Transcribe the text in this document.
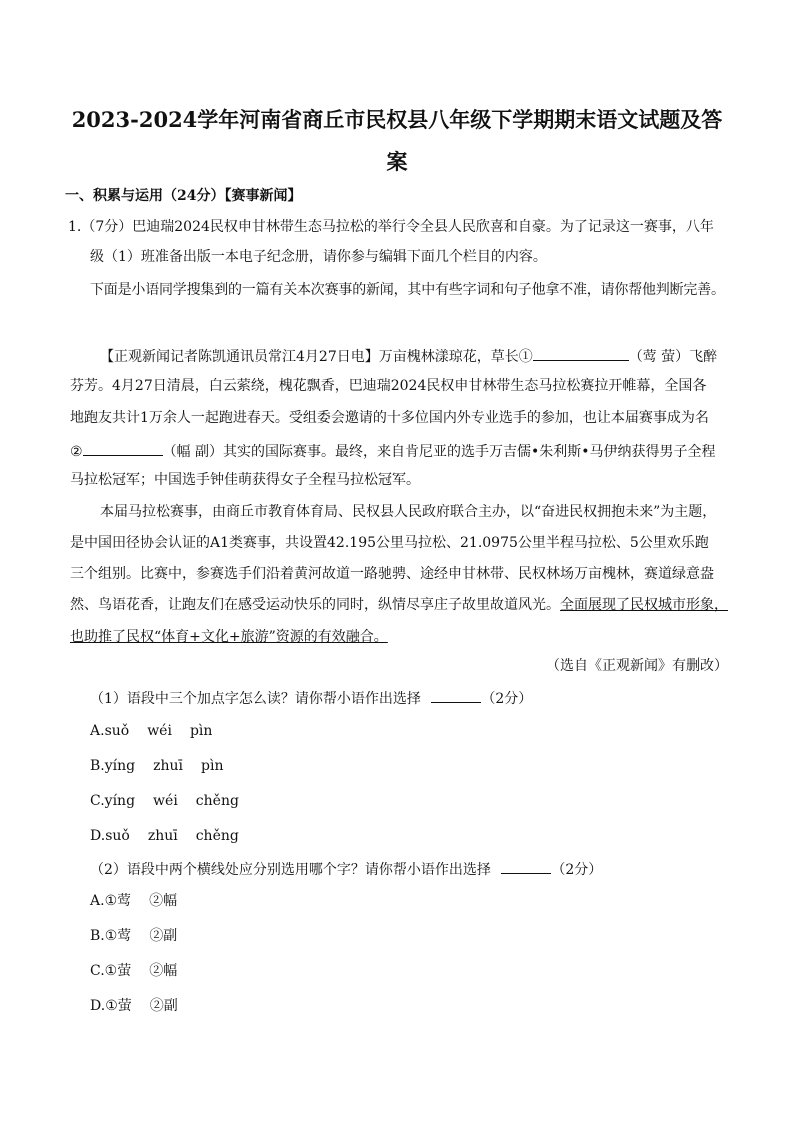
2023-2024学年河南省商丘市民权县八年级下学期期末语文试题及答
案
一、积累与运用（24分）【赛事新闻】
1.（7分）巴迪瑞2024民权申甘林带生态马拉松的举行令全县人民欣喜和自豪。为了记录这一赛事，八年
级（1）班准备出版一本电子纪念册，请你参与编辑下面几个栏目的内容。
下面是小语同学搜集到的一篇有关本次赛事的新闻，其中有些字词和句子他拿不准，请你帮他判断完善。
【正观新闻记者陈凯通讯员常江4月27日电】万亩槐林漾琼花，草长①	（莺 萤）飞醉
芬芳。4月27日清晨，白云萦绕，槐花飘香，巴迪瑞2024民权申甘林带生态马拉松赛拉开帷幕，全国各
地跑友共计1万余人一起跑进春天。受组委会邀请的十多位国内外专业选手的参加，也让本届赛事成为名
②	（幅 副）其实的国际赛事。最终，来自肯尼亚的选手万吉儒•朱利斯•马伊纳获得男子全程
马拉松冠军；中国选手钟佳萌获得女子全程马拉松冠军。
本届马拉松赛事，由商丘市教育体育局、民权县人民政府联合主办，以“奋进民权拥抱未来”为主题，
是中国田径协会认证的A1类赛事，共设置42.195公里马拉松、21.0975公里半程马拉松、5公里欢乐跑
三个组别。比赛中，参赛选手们沿着黄河故道一路驰骋、途经申甘林带、民权林场万亩槐林，赛道绿意盎
然、鸟语花香，让跑友们在感受运动快乐的同时，纵情尽享庄子故里故道风光。全面展现了民权城市形象，
也助推了民权“体育+文化+旅游”资源的有效融合。
（选自《正观新闻》有删改）
（1）语段中三个加点字怎么读？请你帮小语作出选择	（2分）
A.suǒ wéi pìn
B.yíng zhuī pìn
C.yíng wéi chěng
D.suǒ zhuī chěng
（2）语段中两个横线处应分别选用哪个字？请你帮小语作出选择	（2分）
A.①莺 ②幅
B.①莺 ②副
C.①萤 ②幅
D.①萤 ②副
